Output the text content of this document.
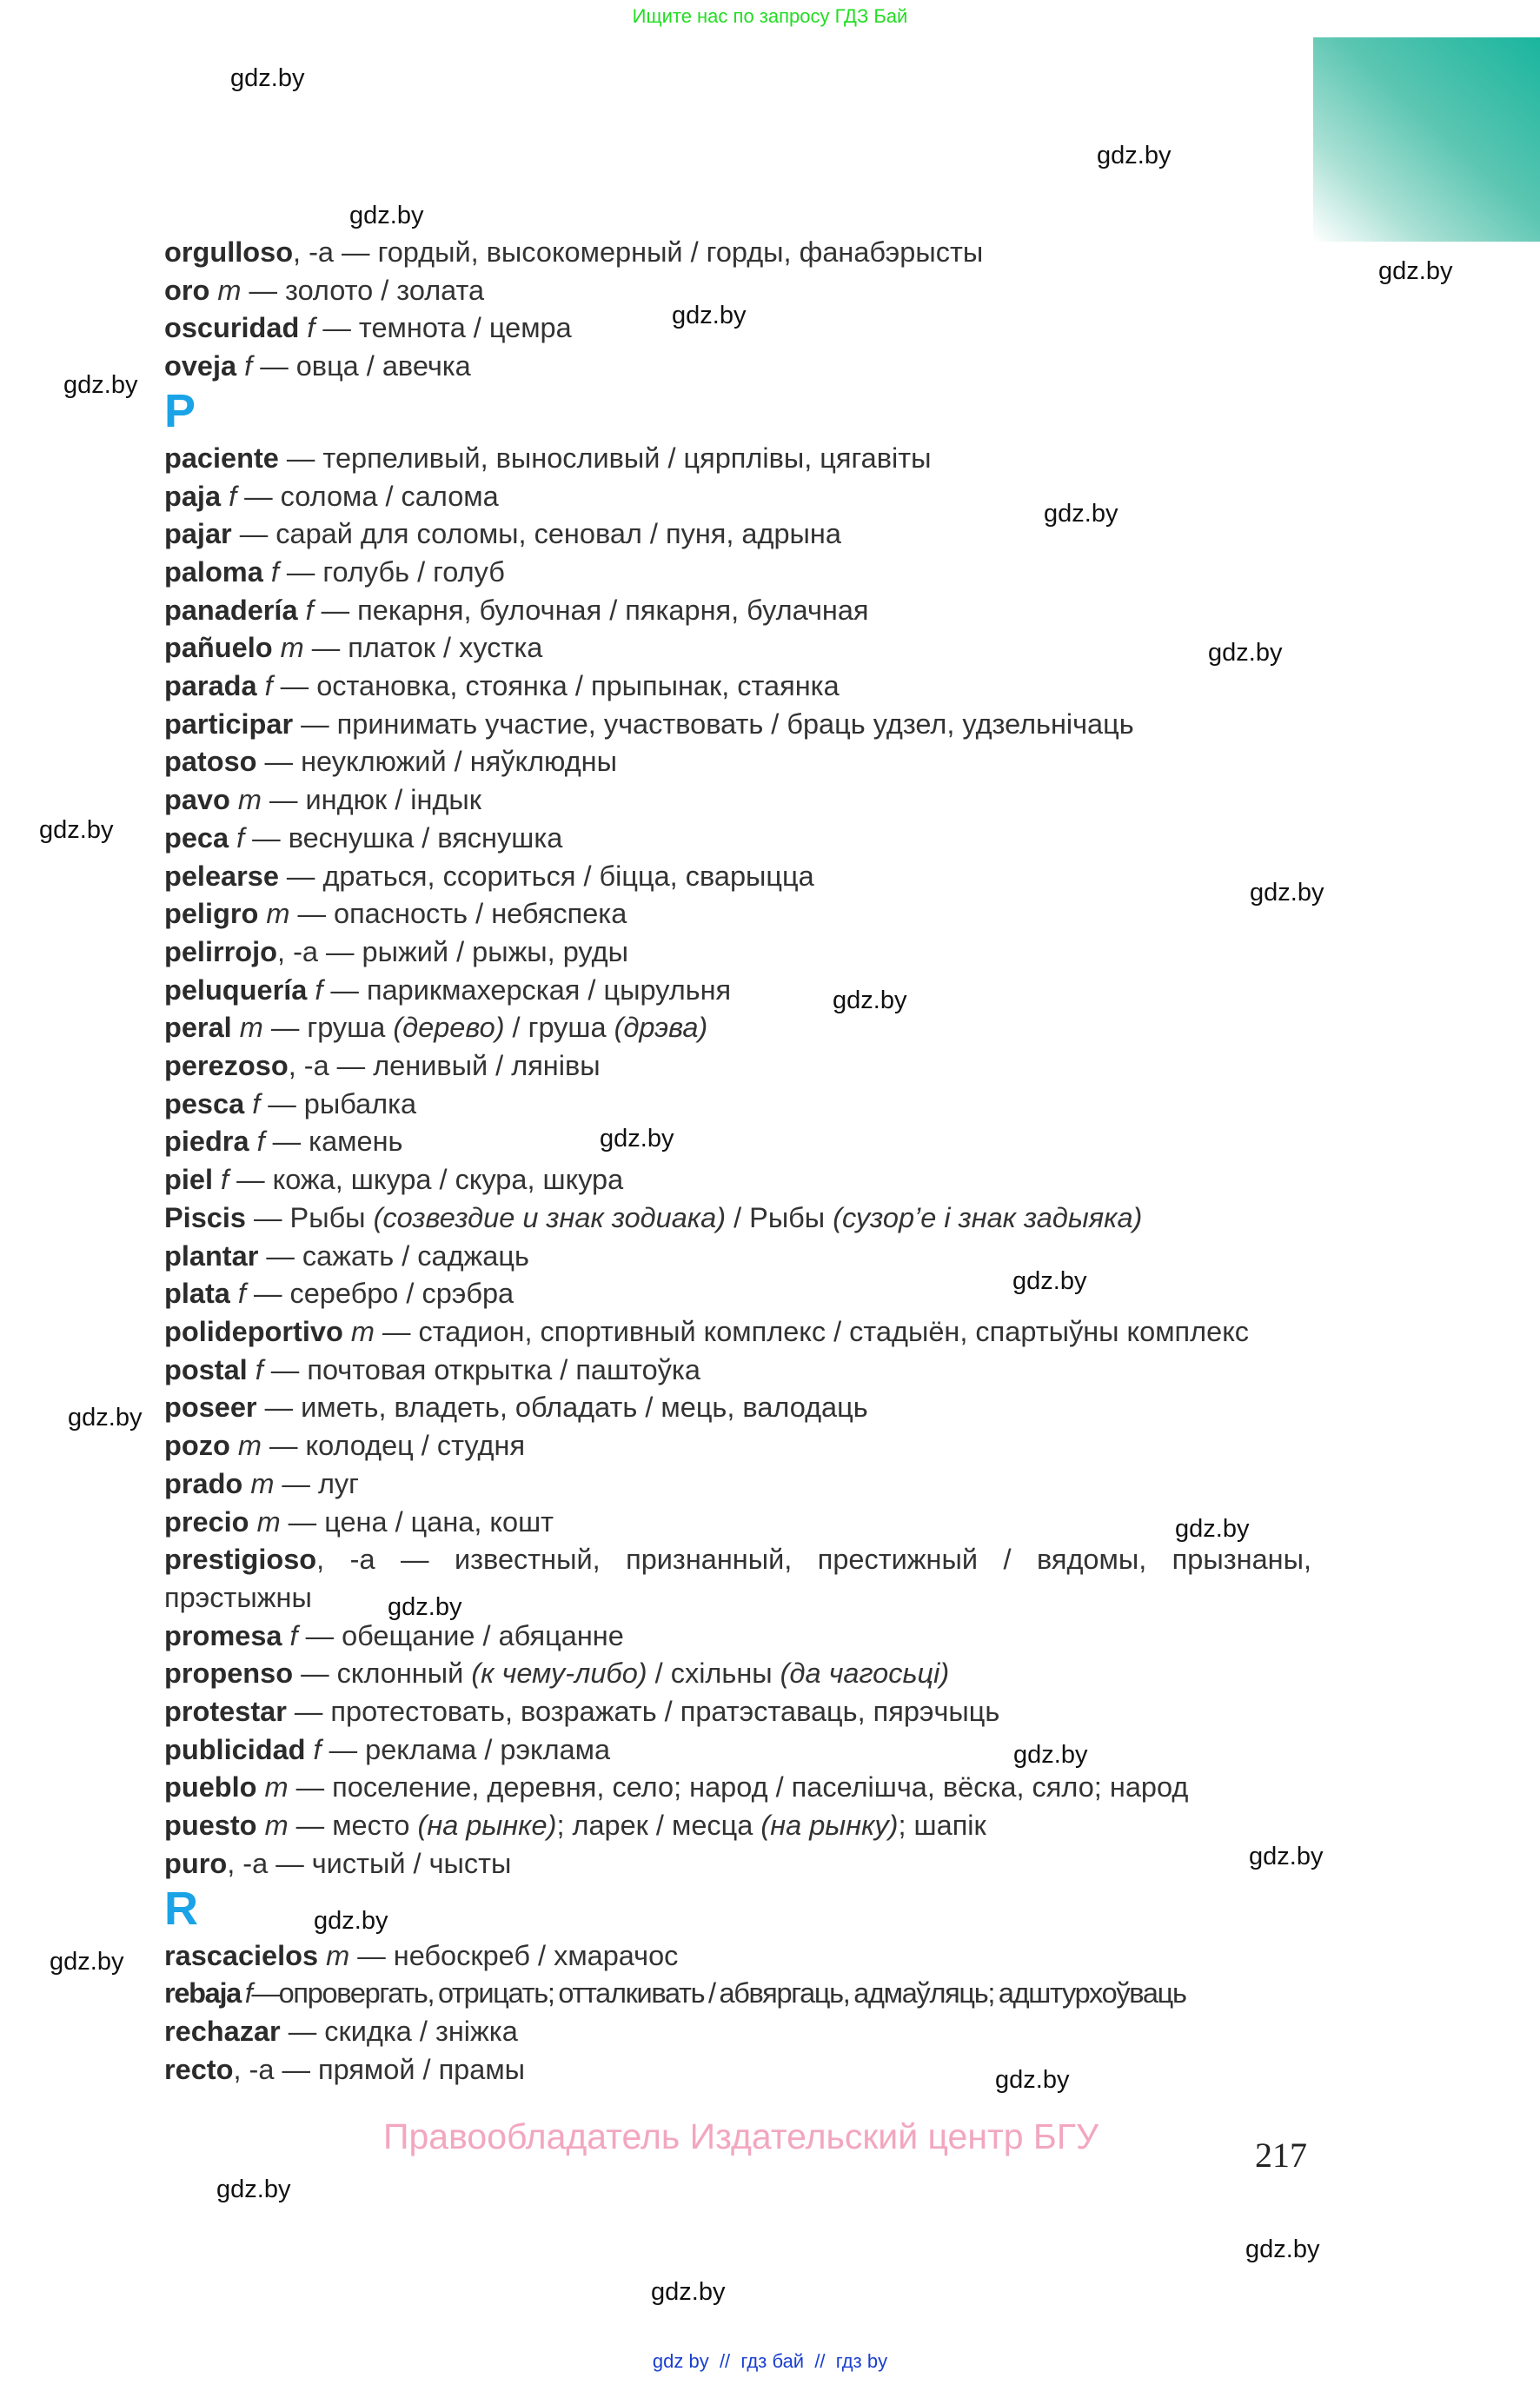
Ищите нас по запросу ГДЗ Бай
orgulloso, -a — гордый, высокомерный / горды, фанабэрысты
oro m — золото / золата
oscuridad f — темнота / цемра
oveja f — овца / авечка
P
paciente — терпеливый, выносливый / цярплівы, цягавіты
paja f — солома / салома
pajar — сарай для соломы, сеновал / пуня, адрына
paloma f — голубь / голуб
panadería f — пекарня, булочная / пякарня, булачная
pañuelo m — платок / хустка
parada f — остановка, стоянка / прыпынак, стаянка
participar — принимать участие, участвовать / браць удзел, удзельнічаць
patoso — неуклюжий / няўклюдны
pavo m — индюк / індык
peca f — веснушка / вяснушка
pelearse — драться, ссориться / біцца, сварыцца
peligro m — опасность / небяспека
pelirrojo, -a — рыжий / рыжы, руды
peluquería f — парикмахерская / цырульня
peral m — груша (дерево) / груша (дрэва)
perezoso, -a — ленивый / лянівы
pesca f — рыбалка
piedra f — камень
piel f — кожа, шкура / скура, шкура
Piscis — Рыбы (созвездие и знак зодиака) / Рыбы (сузор’е і знак задыяка)
plantar — сажать / саджаць
plata f — серебро / срэбра
polideportivo m — стадион, спортивный комплекс / стадыён, спартыўны комплекс
postal f — почтовая открытка / паштоўка
poseer — иметь, владеть, обладать / мець, валодаць
pozo m — колодец / студня
prado m — луг
precio m — цена / цана, кошт
prestigioso, -a — известный, признанный, престижный / вядомы, прызнаны, прэстыжны
promesa f — обещание / абяцанне
propenso — склонный (к чему-либо) / схільны (да чагосьці)
protestar — протестовать, возражать / пратэставаць, пярэчыць
publicidad f — реклама / рэклама
pueblo m — поселение, деревня, село; народ / паселішча, вёска, сяло; народ
puesto m — место (на рынке); ларек / месца (на рынку); шапік
puro, -a — чистый / чысты
R
rascacielos m — небоскреб / хмарачос
rebaja f—опровергать, отрицать; отталкивать / абвяргаць, адмаўляць; адштурхоўваць
rechazar — скидка / зніжка
recto, -a — прямой / прамы
gdz.by
gdz.by
gdz.by
gdz.by
gdz.by
gdz.by
gdz.by
gdz.by
gdz.by
gdz.by
gdz.by
gdz.by
gdz.by
gdz.by
gdz.by
gdz.by
gdz.by
gdz.by
gdz.by
gdz.by
gdz.by
gdz.by
gdz.by
gdz.by
Правообладатель Издательский центр БГУ	217
gdz by  //  гдз бай  //  гдз by
